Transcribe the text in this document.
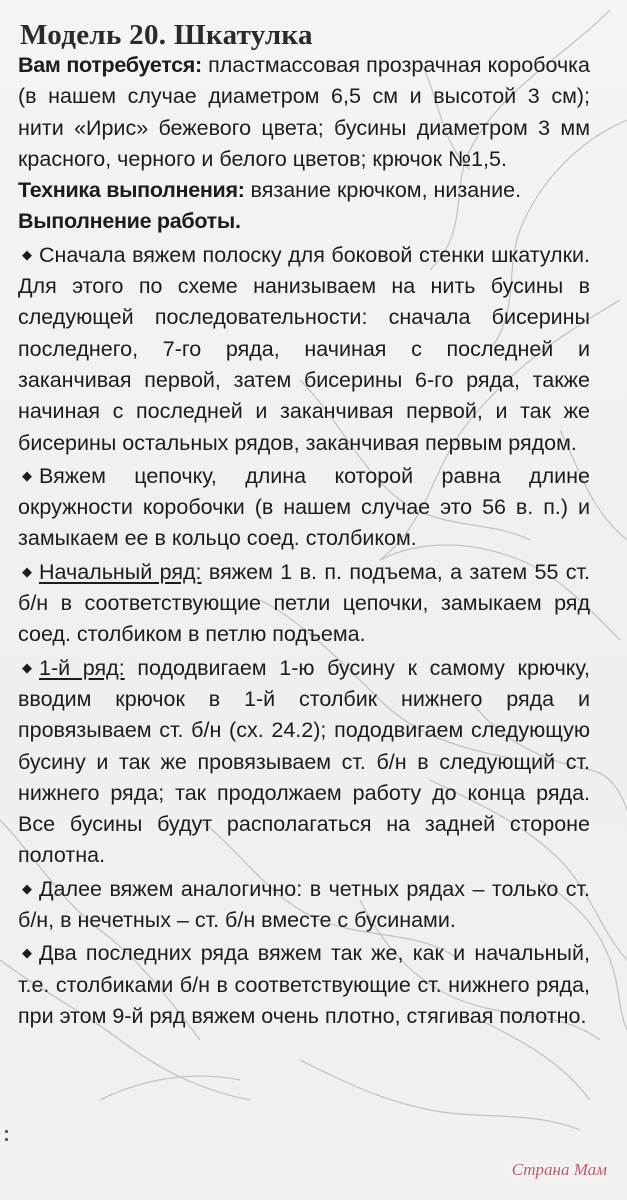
Модель 20. Шкатулка

Вам потребуется: пластмассовая прозрачная коробочка (в нашем случае диаметром 6,5 см и высотой 3 см); нити «Ирис» бежевого цвета; бусины диаметром 3 мм красного, черного и белого цветов; крючок №1,5.

Техника выполнения: вязание крючком, низание.

Выполнение работы.

◆ Сначала вяжем полоску для боковой стенки шкатулки. Для этого по схеме нанизываем на нить бусины в следующей последовательности: сначала бисерины последнего, 7-го ряда, начиная с последней и заканчивая первой, затем бисерины 6-го ряда, также начиная с последней и заканчивая первой, и так же бисерины остальных рядов, заканчивая первым рядом.

◆ Вяжем цепочку, длина которой равна длине окружности коробочки (в нашем случае это 56 в. п.) и замыкаем ее в кольцо соед. столбиком.

◆ Начальный ряд: вяжем 1 в. п. подъема, а затем 55 ст. б/н в соответствующие петли цепочки, замыкаем ряд соед. столбиком в петлю подъема.

◆ 1-й ряд: пододвигаем 1-ю бусину к самому крючку, вводим крючок в 1-й столбик нижнего ряда и провязываем ст. б/н (сх. 24.2); пододвигаем следующую бусину и так же провязываем ст. б/н в следующий ст. нижнего ряда; так продолжаем работу до конца ряда. Все бусины будут располагаться на задней стороне полотна.

◆ Далее вяжем аналогично: в четных рядах – только ст. б/н, в нечетных – ст. б/н вместе с бусинами.

◆ Два последних ряда вяжем так же, как и начальный, т.е. столбиками б/н в соответствующие ст. нижнего ряда, при этом 9-й ряд вяжем очень плотно, стягивая полотно.

Страна Мам
